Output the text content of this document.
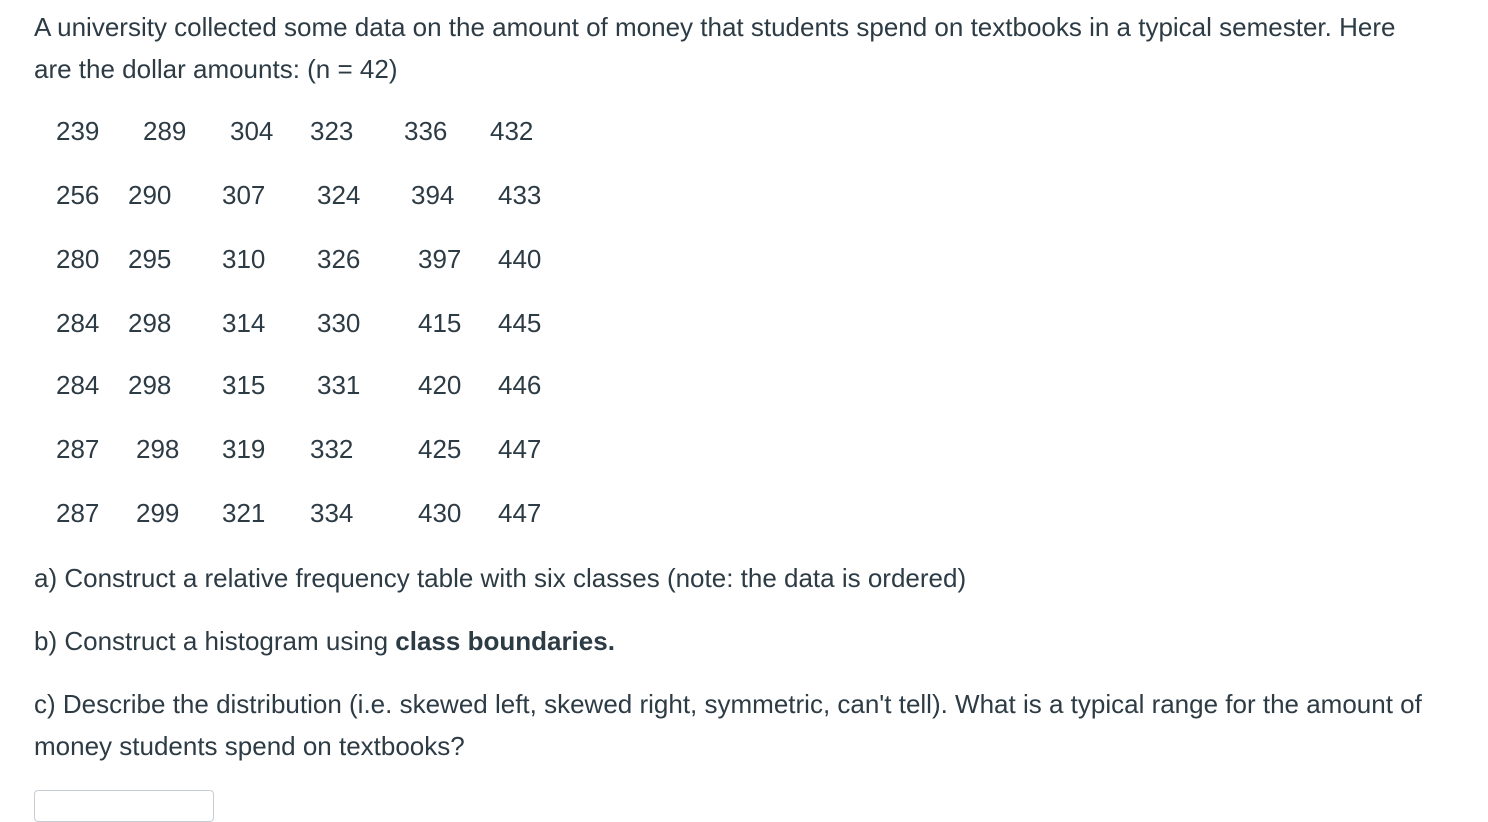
A university collected some data on the amount of money that students spend on textbooks in a typical semester. Here are the dollar amounts: (n = 42)

239 289 304 323 336 432
256 290 307 324 394 433
280 295 310 326 397 440
284 298 314 330 415 445
284 298 315 331 420 446
287 298 319 332 425 447
287 299 321 334 430 447

a) Construct a relative frequency table with six classes (note: the data is ordered)

b) Construct a histogram using class boundaries.

c) Describe the distribution (i.e. skewed left, skewed right, symmetric, can't tell). What is a typical range for the amount of money students spend on textbooks?
